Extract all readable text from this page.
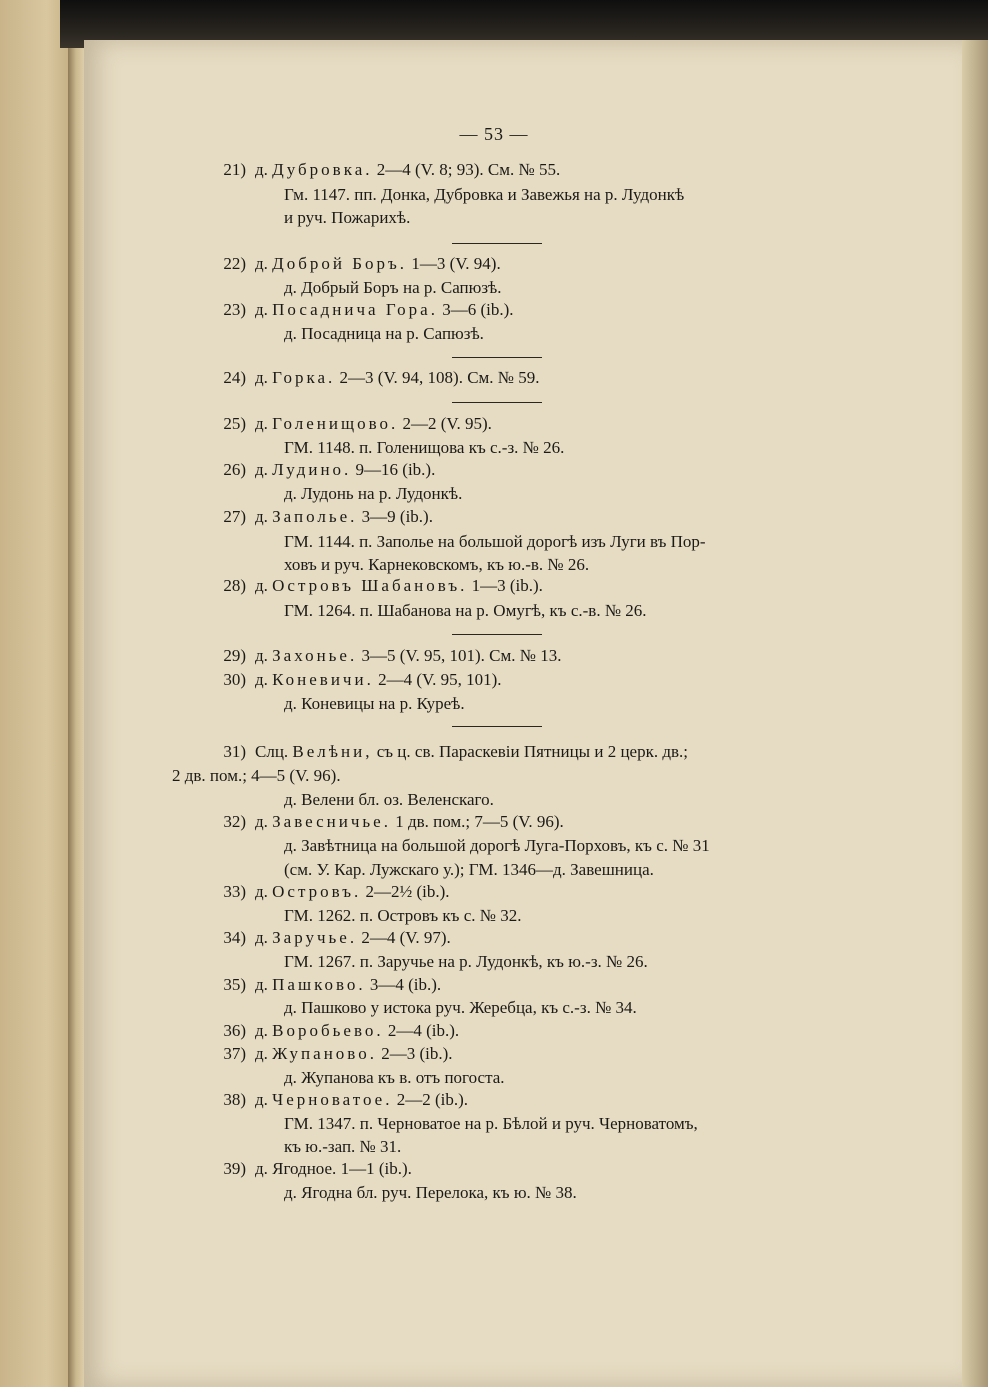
— 53 —
21) д. Дубровка. 2—4 (V. 8; 93). См. № 55.
Гм. 1147. пп. Донка, Дубровка и Завежья на р. Лудонкѣ
и руч. Пожарихѣ.
22) д. Доброй Боръ. 1—3 (V. 94).
д. Добрый Боръ на р. Сапюзѣ.
23) д. Посаднича Гора. 3—6 (ib.).
д. Посадница на р. Сапюзѣ.
24) д. Горка. 2—3 (V. 94, 108). См. № 59.
25) д. Голенищово. 2—2 (V. 95).
ГМ. 1148. п. Голенищова къ с.-з. № 26.
26) д. Лудино. 9—16 (ib.).
д. Лудонь на р. Лудонкѣ.
27) д. Заполье. 3—9 (ib.).
ГМ. 1144. п. Заполье на большой дорогѣ изъ Луги въ Пор-
ховъ и руч. Карнековскомъ, къ ю.-в. № 26.
28) д. Островъ Шабановъ. 1—3 (ib.).
ГМ. 1264. п. Шабанова на р. Омугѣ, къ с.-в. № 26.
29) д. Захонье. 3—5 (V. 95, 101). См. № 13.
30) д. Коневичи. 2—4 (V. 95, 101).
д. Коневицы на р. Курeѣ.
31) Слц. Велѣни, съ ц. св. Параскевiи Пятницы и 2 церк. дв.;
2 дв. пом.; 4—5 (V. 96).
д. Велени бл. оз. Веленскаго.
32) д. Завесничье. 1 дв. пом.; 7—5 (V. 96).
д. Завѣтница на большой дорогѣ Луга-Порховъ, къ с. № 31
(см. У. Кар. Лужскаго у.); ГМ. 1346—д. Завешница.
33) д. Островъ. 2—2½ (ib.).
ГМ. 1262. п. Островъ къ с. № 32.
34) д. Заручье. 2—4 (V. 97).
ГМ. 1267. п. Заручье на р. Лудонкѣ, къ ю.-з. № 26.
35) д. Пашково. 3—4 (ib.).
д. Пашково у истока руч. Жеребца, къ с.-з. № 34.
36) д. Воробьево. 2—4 (ib.).
37) д. Жупаново. 2—3 (ib.).
д. Жупанова къ в. отъ погоста.
38) д. Черноватое. 2—2 (ib.).
ГМ. 1347. п. Черноватое на р. Бѣлой и руч. Черноватомъ,
къ ю.-зап. № 31.
39) д. Ягодное. 1—1 (ib.).
д. Ягодна бл. руч. Перелока, къ ю. № 38.
